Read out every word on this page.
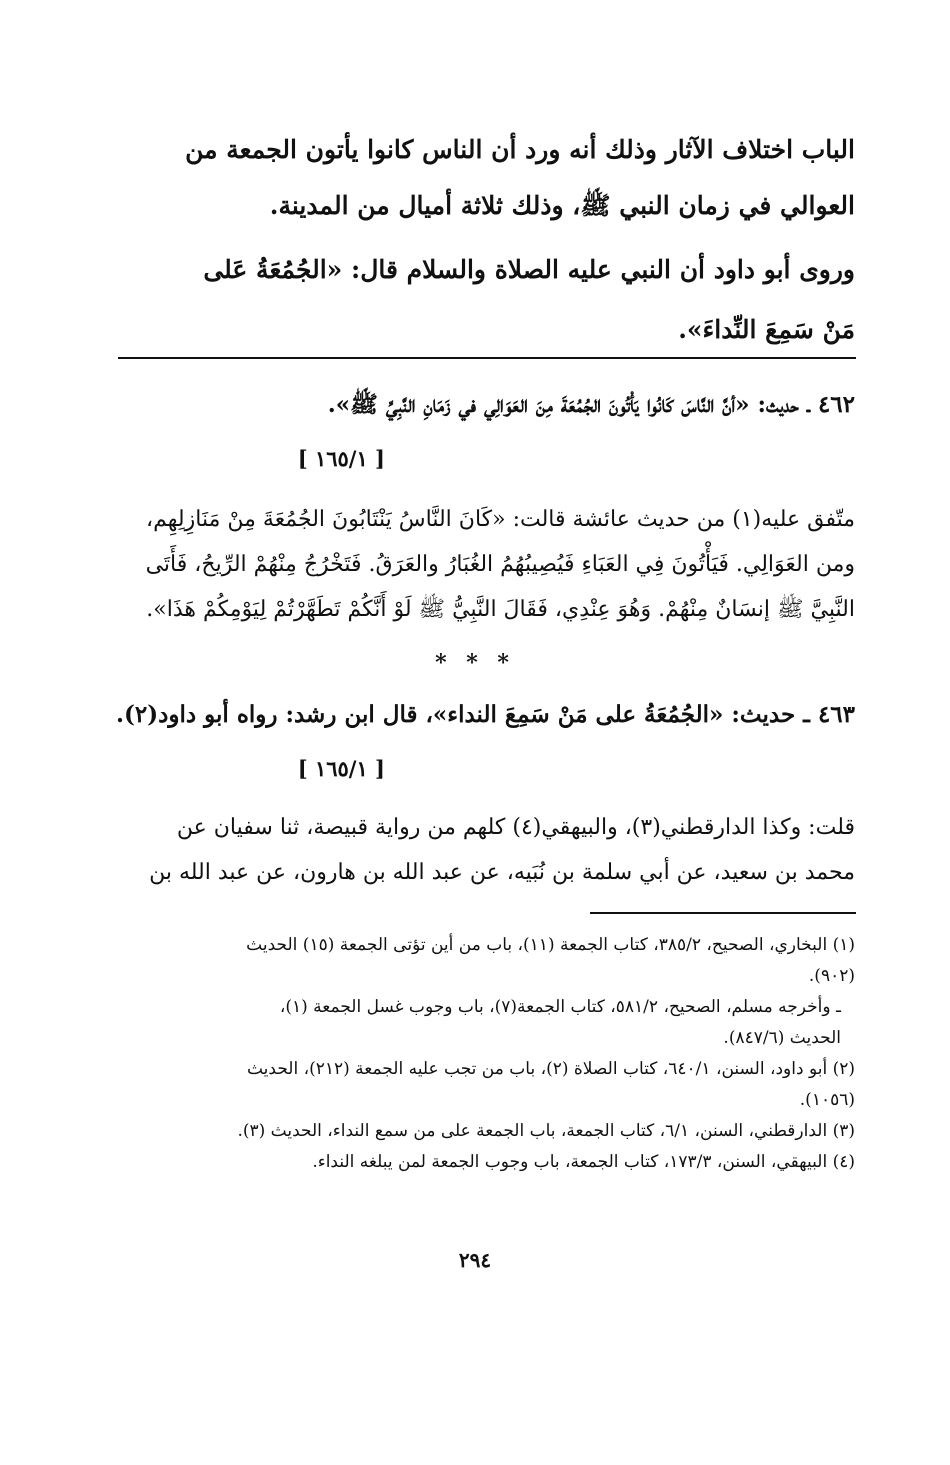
الباب اختلاف الآثار وذلك أنه ورد أن الناس كانوا يأتون الجمعة من
العوالي في زمان النبي ﷺ، وذلك ثلاثة أميال من المدينة.
وروى أبو داود أن النبي عليه الصلاة والسلام قال: «الجُمُعَةُ عَلى
مَنْ سَمِعَ النِّداءَ».
٤٦٢ ـ حديث: «أنَّ النَّاسَ كَانُوا يَأْتُونَ الجُمُعَةَ مِنَ العَوَالِي في زَمَانِ النَّبِيِّ ﷺ».
[ ١٦٥/١ ]
متّفق عليه(١) من حديث عائشة قالت: «كَانَ النَّاسُ يَنْتَابُونَ الجُمُعَةَ مِنْ مَنَازِلِهِم،
ومن العَوَالِي. فَيَأْتُونَ فِي العَبَاءِ فَيُصِيبُهُمُ الغُبَارُ والعَرَقُ. فَتَخْرُجُ مِنْهُمْ الرِّيحُ، فَأَتَى
النَّبِيَّ ﷺ إنسَانٌ مِنْهُمْ. وَهُوَ عِنْدِي، فَقَالَ النَّبِيُّ ﷺ لَوْ أَنَّكُمْ تَطَهَّرْتُمْ لِيَوْمِكُمْ هَذَا».
* * *
٤٦٣ ـ حديث: «الجُمُعَةُ على مَنْ سَمِعَ النداء»، قال ابن رشد: رواه أبو داود(٢).
[ ١٦٥/١ ]
قلت: وكذا الدارقطني(٣)، والبيهقي(٤) كلهم من رواية قبيصة، ثنا سفيان عن
محمد بن سعيد، عن أبي سلمة بن نُبَيه، عن عبد الله بن هارون، عن عبد الله بن
(١) البخاري، الصحيح، ٣٨٥/٢، كتاب الجمعة (١١)، باب من أين تؤتى الجمعة (١٥) الحديث
(٩٠٢).
ـ وأخرجه مسلم، الصحيح، ٥٨١/٢، كتاب الجمعة(٧)، باب وجوب غسل الجمعة (١)،
الحديث (٨٤٧/٦).
(٢) أبو داود، السنن، ٦٤٠/١، كتاب الصلاة (٢)، باب من تجب عليه الجمعة (٢١٢)، الحديث
(١٠٥٦).
(٣) الدارقطني، السنن، ٦/١، كتاب الجمعة، باب الجمعة على من سمع النداء، الحديث (٣).
(٤) البيهقي، السنن، ١٧٣/٣، كتاب الجمعة، باب وجوب الجمعة لمن يبلغه النداء.
٢٩٤
